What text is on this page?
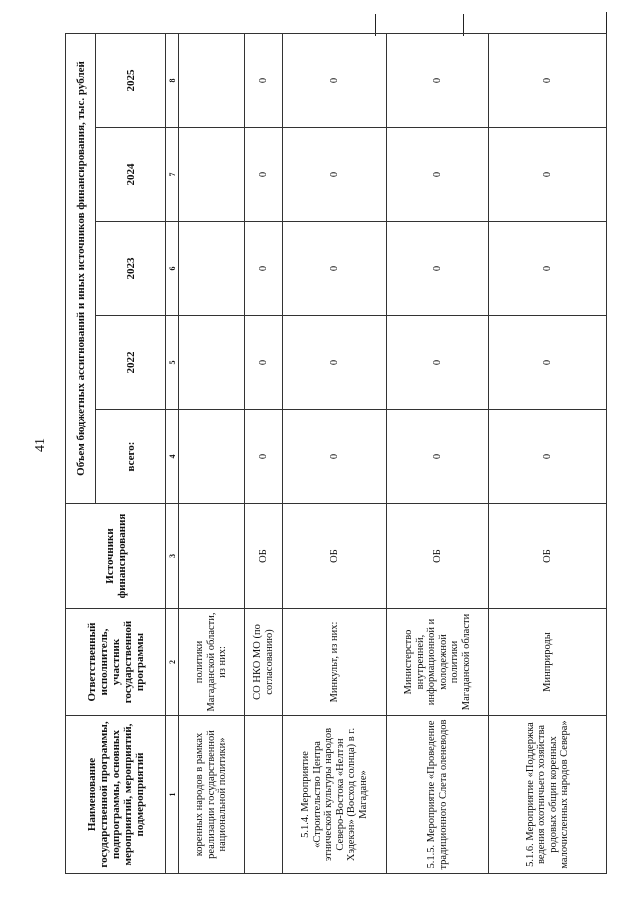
41
Наименование государственной программы, подпрограммы, основных мероприятий, мероприятий, подмероприятий	Ответственный исполнитель, участник государственной программы	Источники финансирования	Объем бюджетных ассигнований и иных источников финансирования, тыс. рублей				
			всего:	2022	2023	2024	2025
1	2	3	4	5	6	7	8
коренных народов в рамках реализации государственной национальной политики»	политики Магаданской области, из них:						
	СО НКО МО (по согласованию)	ОБ	0	0	0	0	0
5.1.4. Мероприятие «Строительство Центра этнической культуры народов Северо-Востока «Нелтэн Хэдекэн» (Восход солнца) в г. Магадане»	Минкульт, из них:	ОБ	0	0	0	0	0
5.1.5. Мероприятие «Проведение традиционного Слета оленеводов	Министерство внутренней, информационной и молодежной политики Магаданской области	ОБ	0	0	0	0	0
5.1.6. Мероприятие «Поддержка ведения охотничьего хозяйства родовых общин коренных малочисленных народов Севера»	Минприроды	ОБ	0	0	0	0	0
